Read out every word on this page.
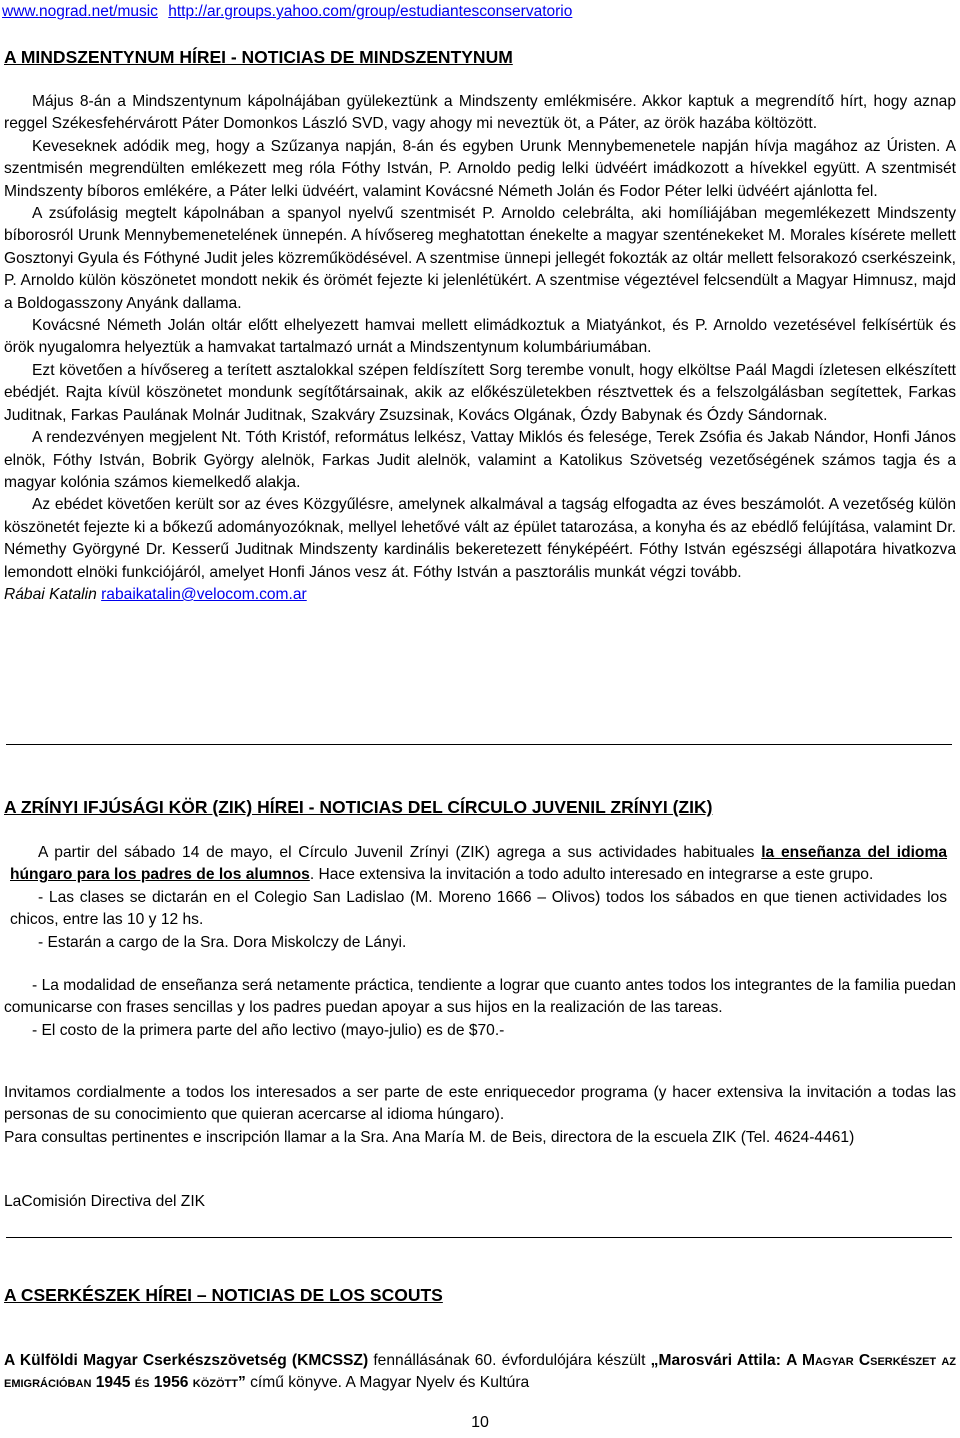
www.nograd.net/music http://ar.groups.yahoo.com/group/estudiantesconservatorio
A MINDSZENTYNUM HÍREI - NOTICIAS DE MINDSZENTYNUM

Május 8-án a Mindszentynum kápolnájában gyülekeztünk a Mindszenty emlékmisére. Akkor kaptuk a megrendítő hírt, hogy aznap reggel Székesfehérvárott Páter Domonkos László SVD, vagy ahogy mi neveztük öt, a Páter, az örök hazába költözött.

Keveseknek adódik meg, hogy a Szűzanya napján, 8-án és egyben Urunk Mennybemenetele napján hívja magához az Úristen. A szentmisén megrendülten emlékezett meg róla Fóthy István, P. Arnoldo pedig lelki üdvéért imádkozott a hívekkel együtt. A szentmisét Mindszenty bíboros emlékére, a Páter lelki üdvéért, valamint Kovácsné Németh Jolán és Fodor Péter lelki üdvéért ajánlotta fel.

A zsúfolásig megtelt kápolnában a spanyol nyelvű szentmisét P. Arnoldo celebrálta, aki homíliájában megemlékezett Mindszenty bíborosról Urunk Mennybemenetelének ünnepén. A hívősereg meghatottan énekelte a magyar szenténekeket M. Morales kísérete mellett Gosztonyi Gyula és Fóthyné Judit jeles közreműködésével. A szentmise ünnepi jellegét fokozták az oltár mellett felsorakozó cserkészeink, P. Arnoldo külön köszönetet mondott nekik és örömét fejezte ki jelenlétükért. A szentmise végeztével felcsendült a Magyar Himnusz, majd a Boldogasszony Anyánk dallama.

Kovácsné Németh Jolán oltár előtt elhelyezett hamvai mellett elimádkoztuk a Miatyánkot, és P. Arnoldo vezetésével felkísértük és örök nyugalomra helyeztük a hamvakat tartalmazó urnát a Mindszentynum kolumbáriumában.

Ezt követően a hívősereg a terített asztalokkal szépen feldíszített Sorg terembe vonult, hogy elköltse Paál Magdi ízletesen elkészített ebédjét. Rajta kívül köszönetet mondunk segítőtársainak, akik az előkészületekben résztvettek és a felszolgálásban segítettek, Farkas Juditnak, Farkas Paulának Molnár Juditnak, Szakváry Zsuzsinak, Kovács Olgának, Ózdy Babynak és Ózdy Sándornak.

A rendezvényen megjelent Nt. Tóth Kristóf, református lelkész, Vattay Miklós és felesége, Terek Zsófia és Jakab Nándor, Honfi János elnök, Fóthy István, Bobrik György alelnök, Farkas Judit alelnök, valamint a Katolikus Szövetség vezetőségének számos tagja és a magyar kolónia számos kiemelkedő alakja.

Az ebédet követően került sor az éves Közgyűlésre, amelynek alkalmával a tagság elfogadta az éves beszámolót. A vezetőség külön köszönetét fejezte ki a bőkezű adományozóknak, mellyel lehetővé vált az épület tatarozása, a konyha és az ebédlő felújítása, valamint Dr. Némethy Györgyné Dr. Kesserű Juditnak Mindszenty kardinális bekeretezett fényképéért. Fóthy István egészségi állapotára hivatkozva lemondott elnöki funkciójáról, amelyet Honfi János vesz át. Fóthy István a pasztorális munkát végzi tovább.

Rábai Katalin rabaikatalin@velocom.com.ar

A ZRÍNYI IFJÚSÁGI KÖR (ZIK) HÍREI - NOTICIAS DEL CÍRCULO JUVENIL ZRÍNYI (ZIK)

A partir del sábado 14 de mayo, el Círculo Juvenil Zrínyi (ZIK) agrega a sus actividades habituales la enseñanza del idioma húngaro para los padres de los alumnos. Hace extensiva la invitación a todo adulto interesado en integrarse a este grupo.

- Las clases se dictarán en el Colegio San Ladislao (M. Moreno 1666 – Olivos) todos los sábados en que tienen actividades los chicos, entre las 10 y 12 hs.

- Estarán a cargo de la Sra. Dora Miskolczy de Lányi.

- La modalidad de enseñanza será netamente práctica, tendiente a lograr que cuanto antes todos los integrantes de la familia puedan comunicarse con frases sencillas y los padres puedan apoyar a sus hijos en la realización de las tareas.

- El costo de la primera parte del año lectivo (mayo-julio) es de $70.-

Invitamos cordialmente a todos los interesados a ser parte de este enriquecedor programa (y hacer extensiva la invitación a todas las personas de su conocimiento que quieran acercarse al idioma húngaro).

Para consultas pertinentes e inscripción llamar a la Sra. Ana María M. de Beis, directora de la escuela ZIK (Tel. 4624-4461)

LaComisión Directiva del ZIK

A CSERKÉSZEK HÍREI – NOTICIAS DE LOS SCOUTS

A Külföldi Magyar Cserkészszövetség (KMCSSZ) fennállásának 60. évfordulójára készült „Marosvári Attila: A Magyar Cserkészet az emigrációban 1945 és 1956 között” című könyve. A Magyar Nyelv és Kultúra

10
